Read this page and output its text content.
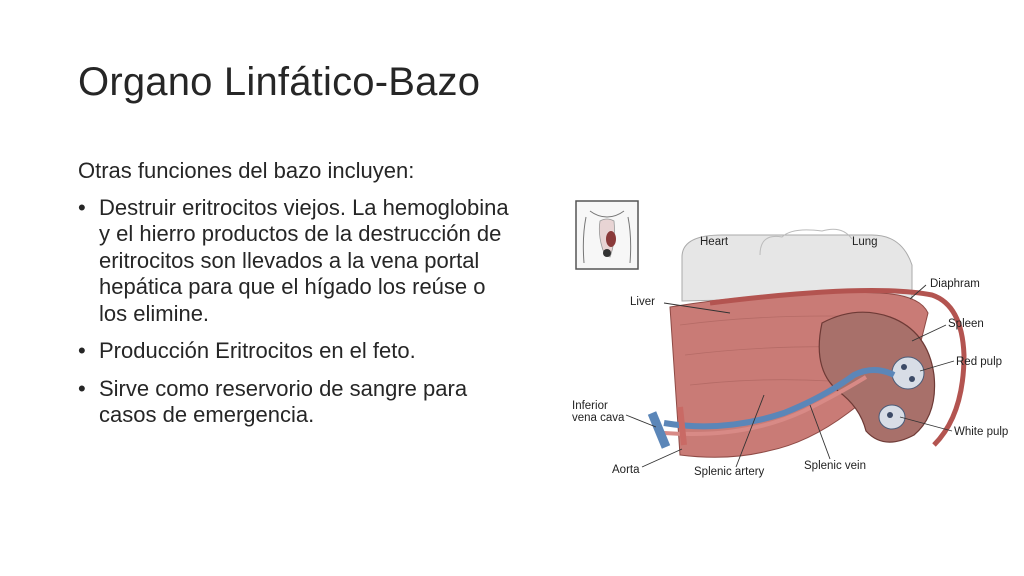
Organo Linfático-Bazo

Otras funciones del bazo incluyen:

• Destruir eritrocitos viejos. La hemoglobina y el hierro productos de la destrucción de eritrocitos son llevados a la vena portal hepática para que el hígado los reúse o los elimine.
• Producción Eritrocitos en el feto.
• Sirve como reservorio de sangre para casos de emergencia.
Heart	Lung
Diaphram
Liver
Spleen
Red pulp
Inferior
vena cava
White pulp
Aorta	Splenic artery	Splenic vein
